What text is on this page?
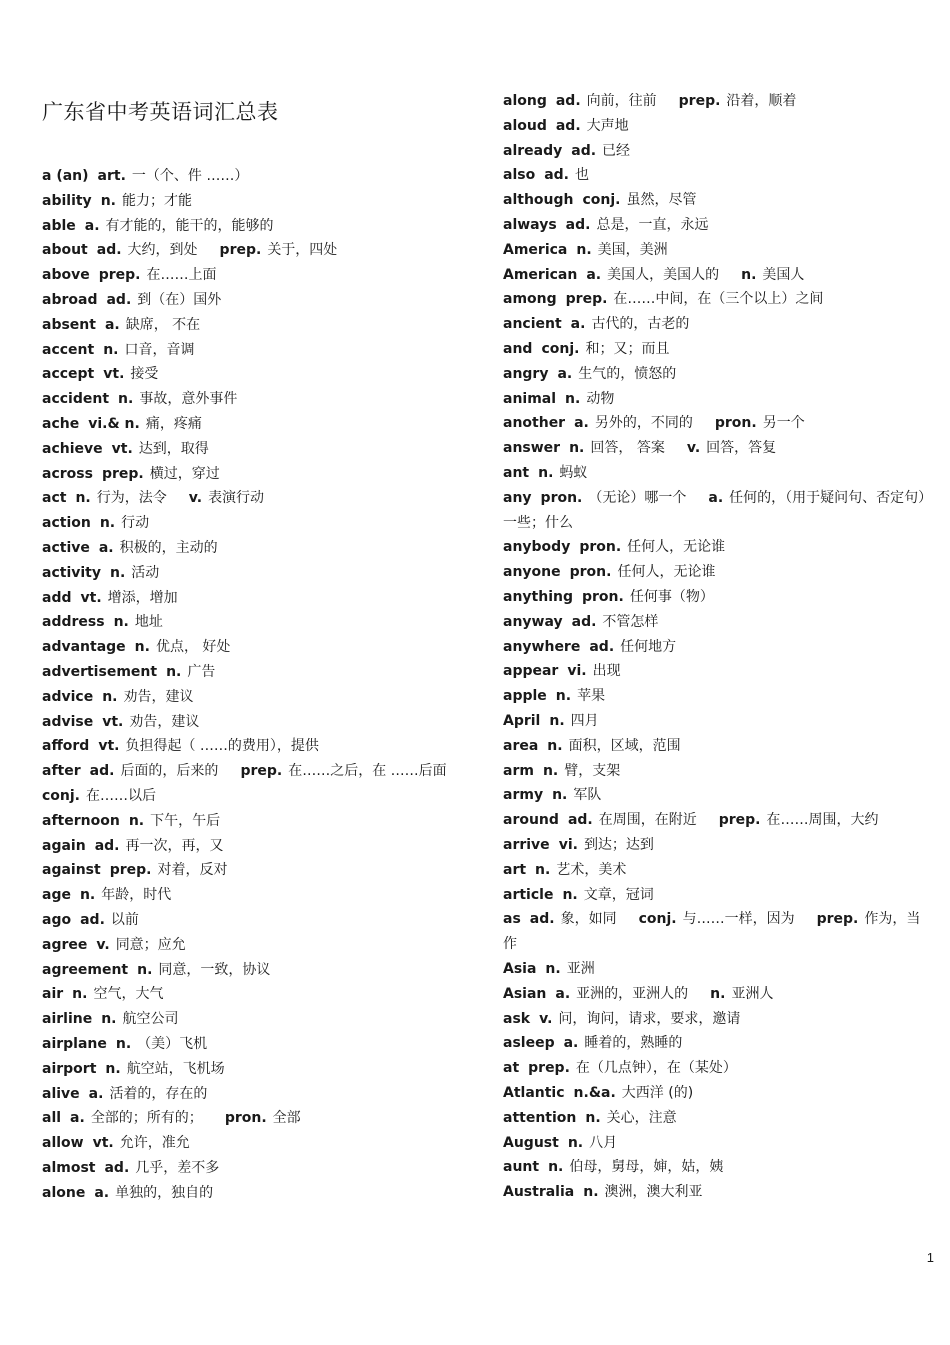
广东省中考英语词汇总表
a (an) art. 一（个、件 ……）
ability n. 能力；才能
able a. 有才能的，能干的，能够的
about ad. 大约，到处 prep. 关于，四处
above prep. 在……上面
abroad ad. 到（在）国外
absent a. 缺席， 不在
accent n. 口音，音调
accept vt. 接受
accident n. 事故，意外事件
ache vi.& n. 痛，疼痛
achieve vt. 达到，取得
across prep. 横过，穿过
act n. 行为，法令 v. 表演行动
action n. 行动
active a. 积极的，主动的
activity n. 活动
add vt. 增添，增加
address n. 地址
advantage n. 优点， 好处
advertisement n. 广告
advice n. 劝告，建议
advise vt. 劝告，建议
afford vt. 负担得起（ ……的费用），提供
after ad. 后面的，后来的 prep. 在……之后，在 ……后面conj. 在……以后
afternoon n. 下午，午后
again ad. 再一次，再，又
against prep. 对着，反对
age n. 年龄，时代
ago ad. 以前
agree v. 同意；应允
agreement n. 同意，一致，协议
air n. 空气，大气
airline n. 航空公司
airplane n. （美）飞机
airport n. 航空站，飞机场
alive a. 活着的，存在的
all a. 全部的；所有的； pron. 全部
allow vt. 允许，准允
almost ad. 几乎，差不多
alone a. 单独的，独自的
along ad. 向前，往前 prep. 沿着，顺着
aloud ad. 大声地
already ad. 已经
also ad. 也
although conj. 虽然，尽管
always ad. 总是，一直，永远
America n. 美国，美洲
American a. 美国人，美国人的 n. 美国人
among prep. 在……中间，在（三个以上）之间
ancient a. 古代的，古老的
and conj. 和；又；而且
angry a. 生气的，愤怒的
animal n. 动物
another a. 另外的，不同的 pron. 另一个
answer n. 回答， 答案 v. 回答，答复
ant n. 蚂蚁
any pron. （无论）哪一个 a. 任何的，（用于疑问句、否定句）一些；什么
anybody pron. 任何人，无论谁
anyone pron. 任何人，无论谁
anything pron. 任何事（物）
anyway ad. 不管怎样
anywhere ad. 任何地方
appear vi. 出现
apple n. 苹果
April n. 四月
area n. 面积，区域，范围
arm n. 臂，支架
army n. 军队
around ad. 在周围，在附近 prep. 在……周围，大约
arrive vi. 到达；达到
art n. 艺术，美术
article n. 文章，冠词
as ad. 象，如同 conj. 与……一样，因为 prep. 作为，当作
Asia n. 亚洲
Asian a. 亚洲的，亚洲人的 n. 亚洲人
ask v. 问，询问，请求，要求，邀请
asleep a. 睡着的，熟睡的
at prep. 在（几点钟），在（某处）
Atlantic n.&a. 大西洋 (的)
attention n. 关心，注意
August n. 八月
aunt n. 伯母，舅母，婶，姑，姨
Australia n. 澳洲，澳大利亚
1
